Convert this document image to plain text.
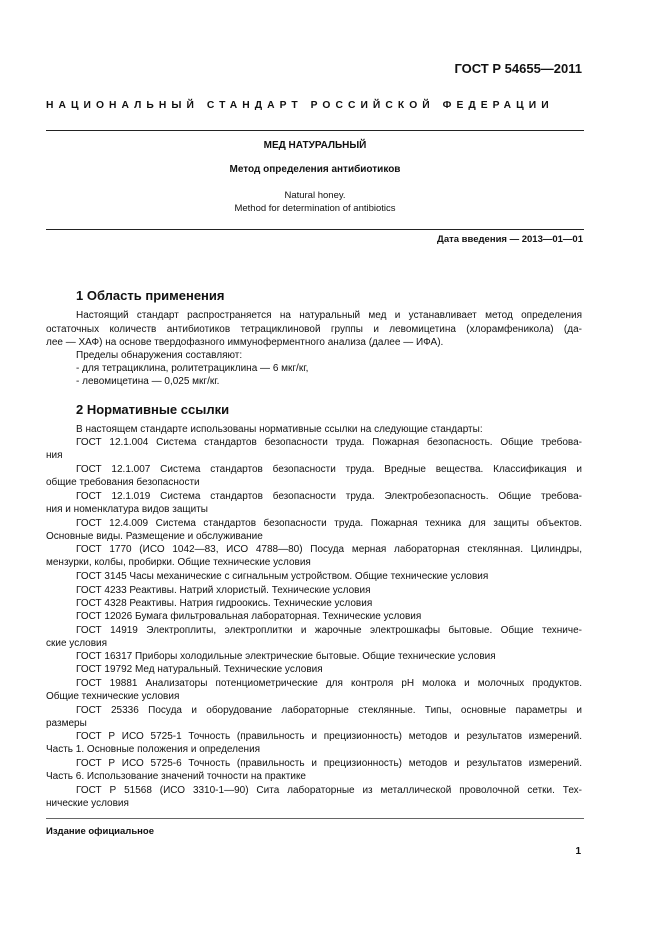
ГОСТ Р 54655—2011
НАЦИОНАЛЬНЫЙ СТАНДАРТ РОССИЙСКОЙ ФЕДЕРАЦИИ
МЕД НАТУРАЛЬНЫЙ
Метод определения антибиотиков
Natural honey.
Method for determination of antibiotics
Дата введения — 2013—01—01
1 Область применения
Настоящий стандарт распространяется на натуральный мед и устанавливает метод определения
остаточных количеств антибиотиков тетрациклиновой группы и левомицетина (хлорамфеникола) (да-
лее — ХАФ) на основе твердофазного иммуноферментного анализа (далее — ИФА).
Пределы обнаружения составляют:
- для тетрациклина, ролитетрациклина — 6 мкг/кг,
- левомицетина — 0,025 мкг/кг.
2 Нормативные ссылки
В настоящем стандарте использованы нормативные ссылки на следующие стандарты:
ГОСТ 12.1.004 Система стандартов безопасности труда. Пожарная безопасность. Общие требова-
ния
ГОСТ 12.1.007 Система стандартов безопасности труда. Вредные вещества. Классификация и
общие требования безопасности
ГОСТ 12.1.019 Система стандартов безопасности труда. Электробезопасность. Общие требова-
ния и номенклатура видов защиты
ГОСТ 12.4.009 Система стандартов безопасности труда. Пожарная техника для защиты объектов.
Основные виды. Размещение и обслуживание
ГОСТ 1770 (ИСО 1042—83, ИСО 4788—80) Посуда мерная лабораторная стеклянная. Цилиндры,
мензурки, колбы, пробирки. Общие технические условия
ГОСТ 3145 Часы механические с сигнальным устройством. Общие технические условия
ГОСТ 4233 Реактивы. Натрий хлористый. Технические условия
ГОСТ 4328 Реактивы. Натрия гидроокись. Технические условия
ГОСТ 12026 Бумага фильтровальная лабораторная. Технические условия
ГОСТ 14919 Электроплиты, электроплитки и жарочные электрошкафы бытовые. Общие техниче-
ские условия
ГОСТ 16317 Приборы холодильные электрические бытовые. Общие технические условия
ГОСТ 19792 Мед натуральный. Технические условия
ГОСТ 19881 Анализаторы потенциометрические для контроля pH молока и молочных продуктов.
Общие технические условия
ГОСТ 25336 Посуда и оборудование лабораторные стеклянные. Типы, основные параметры и
размеры
ГОСТ Р ИСО 5725-1 Точность (правильность и прецизионность) методов и результатов измерений.
Часть 1. Основные положения и определения
ГОСТ Р ИСО 5725-6 Точность (правильность и прецизионность) методов и результатов измерений.
Часть 6. Использование значений точности на практике
ГОСТ Р 51568 (ИСО 3310-1—90) Сита лабораторные из металлической проволочной сетки. Тех-
нические условия
Издание официальное
1
